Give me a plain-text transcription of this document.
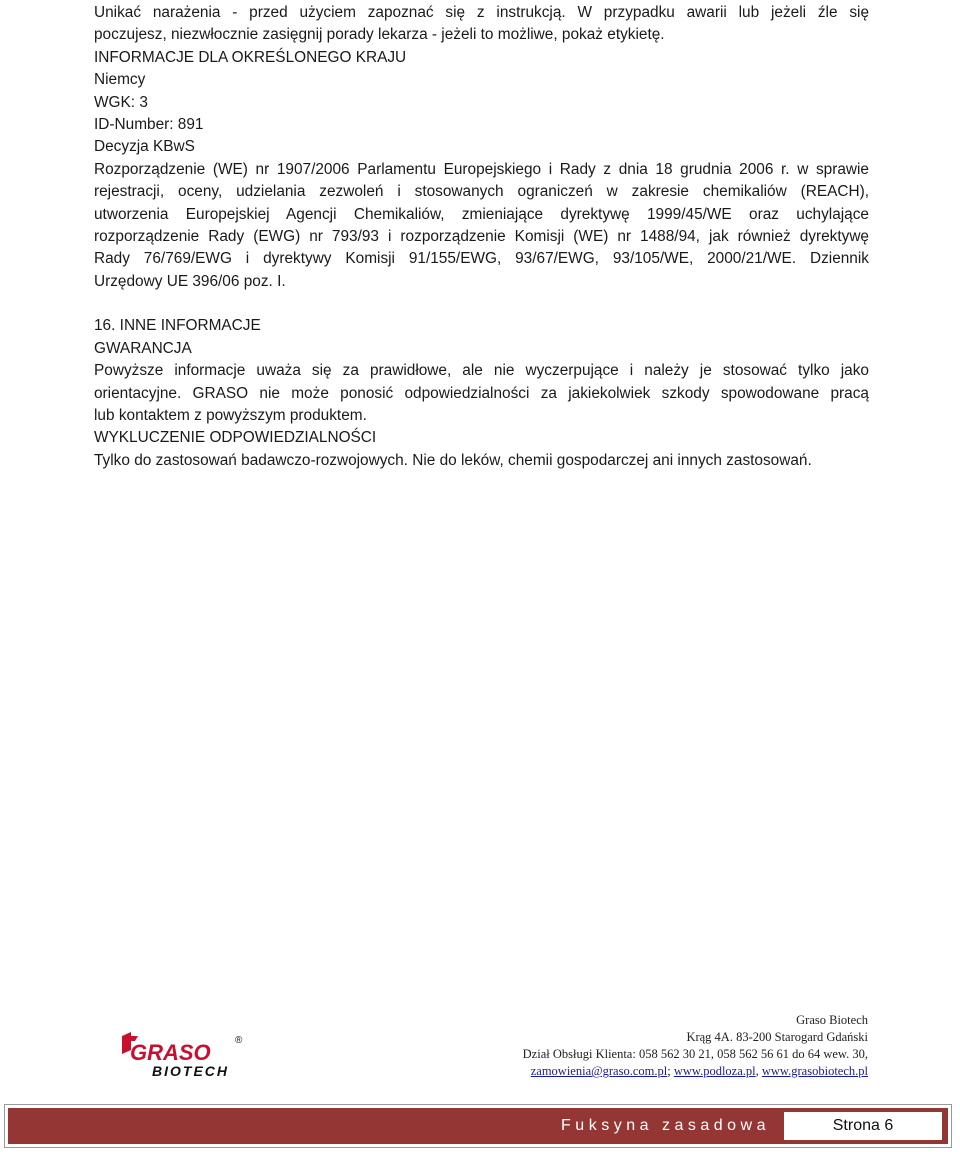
Unikać narażenia - przed użyciem zapoznać się z instrukcją. W przypadku awarii lub jeżeli źle się

poczujesz, niezwłocznie zasięgnij porady lekarza - jeżeli to możliwe, pokaż etykietę.

INFORMACJE DLA OKREŚLONEGO KRAJU

Niemcy

WGK: 3

ID-Number: 891

Decyzja KBwS

Rozporządzenie (WE) nr 1907/2006 Parlamentu Europejskiego i Rady z dnia 18 grudnia 2006 r. w sprawie

rejestracji, oceny, udzielania zezwoleń i stosowanych ograniczeń w zakresie chemikaliów (REACH),

utworzenia Europejskiej Agencji Chemikaliów, zmieniające dyrektywę 1999/45/WE oraz uchylające

rozporządzenie Rady (EWG) nr 793/93 i rozporządzenie Komisji (WE) nr 1488/94, jak również dyrektywę

Rady 76/769/EWG i dyrektywy Komisji 91/155/EWG, 93/67/EWG, 93/105/WE, 2000/21/WE. Dziennik

Urzędowy UE 396/06 poz. I.

16. INNE INFORMACJE

GWARANCJA

Powyższe informacje uważa się za prawidłowe, ale nie wyczerpujące i należy je stosować tylko jako

orientacyjne. GRASO nie może ponosić odpowiedzialności za jakiekolwiek szkody spowodowane pracą

lub kontaktem z powyższym produktem.

WYKLUCZENIE ODPOWIEDZIALNOŚCI

Tylko do zastosowań badawczo-rozwojowych. Nie do leków, chemii gospodarczej ani innych zastosowań.

GRASO
BIOTECH
®
Graso Biotech
Krąg 4A. 83-200 Starogard Gdański
Dział Obsługi Klienta: 058 562 30 21, 058 562 56 61 do 64 wew. 30,
zamowienia@graso.com.pl; www.podloza.pl, www.grasobiotech.pl
Fuksyna zasadowa	Strona 6
